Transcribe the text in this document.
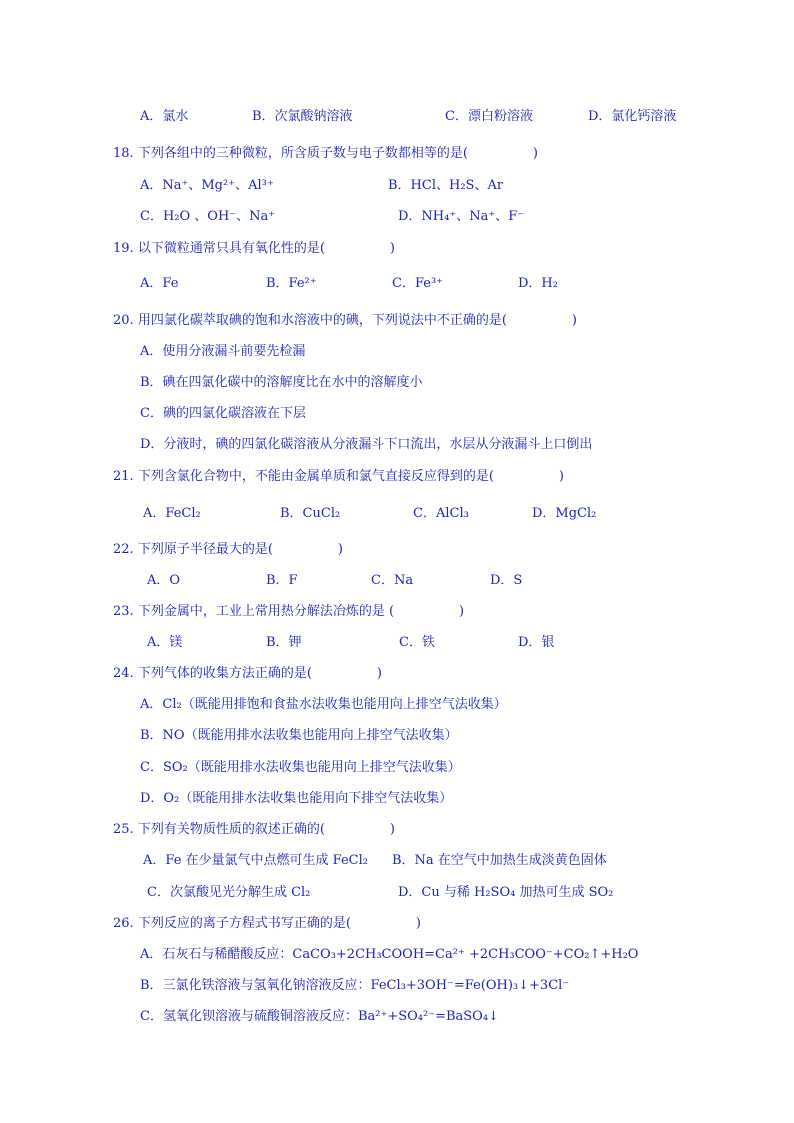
A．氯水	B．次氯酸钠溶液	C．漂白粉溶液	D．氯化钙溶液
18. 下列各组中的三种微粒，所含质子数与电子数都相等的是(　　　　　)
A．Na⁺、Mg²⁺、Al³⁺	B．HCl、H₂S、Ar
C．H₂O 、OH⁻、Na⁺	D．NH₄⁺、Na⁺、F⁻
19. 以下微粒通常只具有氧化性的是(　　　　　)
A．Fe	B．Fe²⁺	C．Fe³⁺	D．H₂
20. 用四氯化碳萃取碘的饱和水溶液中的碘，下列说法中不正确的是(　　　　　)
A．使用分液漏斗前要先检漏
B．碘在四氯化碳中的溶解度比在水中的溶解度小
C．碘的四氯化碳溶液在下层
D．分液时，碘的四氯化碳溶液从分液漏斗下口流出，水层从分液漏斗上口倒出
21. 下列含氯化合物中，不能由金属单质和氯气直接反应得到的是(　　　　　)
A．FeCl₂	B．CuCl₂	C．AlCl₃	D．MgCl₂
22. 下列原子半径最大的是(　　　　　)
A．O	B．F	C．Na	D．S
23. 下列金属中，工业上常用热分解法冶炼的是 (　　　　　)
A．镁	B．钾	C．铁	D．银
24. 下列气体的收集方法正确的是(　　　　　)
A．Cl₂（既能用排饱和食盐水法收集也能用向上排空气法收集）
B．NO（既能用排水法收集也能用向上排空气法收集）
C．SO₂（既能用排水法收集也能用向上排空气法收集）
D．O₂（既能用排水法收集也能用向下排空气法收集）
25. 下列有关物质性质的叙述正确的(　　　　　)
A．Fe 在少量氯气中点燃可生成 FeCl₂ B．Na 在空气中加热生成淡黄色固体
C．次氯酸见光分解生成 Cl₂	D．Cu 与稀 H₂SO₄ 加热可生成 SO₂
26. 下列反应的离子方程式书写正确的是(　　　　　)
A．石灰石与稀醋酸反应：CaCO₃+2CH₃COOH=Ca²⁺ +2CH₃COO⁻+CO₂↑+H₂O
B．三氯化铁溶液与氢氧化钠溶液反应：FeCl₃+3OH⁻=Fe(OH)₃↓+3Cl⁻
C．氢氧化钡溶液与硫酸铜溶液反应：Ba²⁺+SO₄²⁻=BaSO₄↓
